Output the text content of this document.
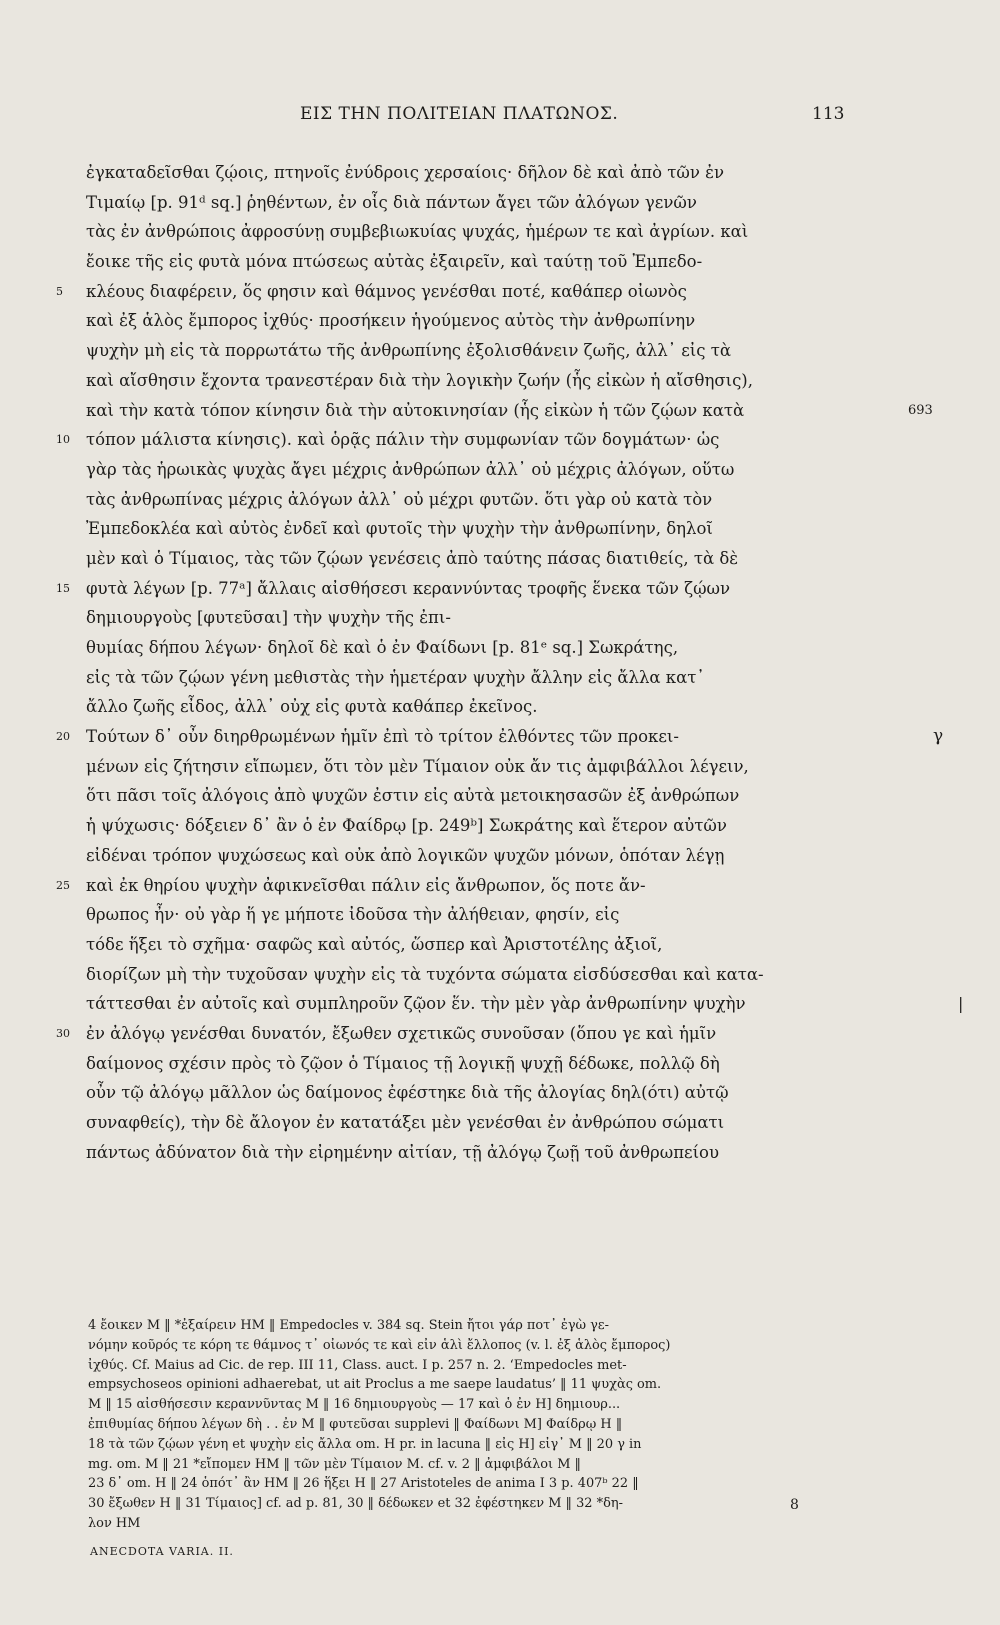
ΕΙΣ ΤΗΝ ΠΟΛΙΤΕΙΑΝ ΠΛΑΤΩΝΟΣ.	113
ἐγκαταδεῖσθαι ζῴοις, πτηνοῖς ἐνύδροις χερσαίοις· δῆλον δὲ καὶ ἀπὸ τῶν ἐν
Τιμαίῳ [p. 91ᵈ sq.] ῥηθέντων, ἐν οἷς διὰ πάντων ἄγει τῶν ἀλόγων γενῶν
τὰς ἐν ἀνθρώποις ἀφροσύνῃ συμβεβιωκυίας ψυχάς, ἡμέρων τε καὶ ἀγρίων. καὶ
ἔοικε τῆς εἰς φυτὰ μόνα πτώσεως αὐτὰς ἐξαιρεῖν, καὶ ταύτῃ τοῦ Ἐμπεδο-
5	κλέους διαφέρειν, ὅς φησιν καὶ θάμνος γενέσθαι ποτέ, καθάπερ οἰωνὸς
καὶ ἐξ ἁλὸς ἔμπορος ἰχθύς· προσήκειν ἡγούμενος αὐτὸς τὴν ἀνθρωπίνην
ψυχὴν μὴ εἰς τὰ πορρωτάτω τῆς ἀνθρωπίνης ἐξολισθάνειν ζωῆς, ἀλλ᾽ εἰς τὰ
καὶ αἴσθησιν ἔχοντα τρανεστέραν διὰ τὴν λογικὴν ζωήν (ἧς εἰκὼν ἡ αἴσθησις),
καὶ τὴν κατὰ τόπον κίνησιν διὰ τὴν αὐτοκινησίαν (ἧς εἰκὼν ἡ τῶν ζῴων κατὰ	693
10 τόπον μάλιστα κίνησις). καὶ ὁρᾷς πάλιν τὴν συμφωνίαν τῶν δογμάτων· ὡς
γὰρ τὰς ἡρωικὰς ψυχὰς ἄγει μέχρις ἀνθρώπων ἀλλ᾽ οὐ μέχρις ἀλόγων, οὕτω
τὰς ἀνθρωπίνας μέχρις ἀλόγων ἀλλ᾽ οὐ μέχρι φυτῶν. ὅτι γὰρ οὐ κατὰ τὸν
Ἐμπεδοκλέα καὶ αὐτὸς ἐνδεῖ καὶ φυτοῖς τὴν ψυχὴν τὴν ἀνθρωπίνην, δηλοῖ
μὲν καὶ ὁ Τίμαιος, τὰς τῶν ζῴων γενέσεις ἀπὸ ταύτης πάσας διατιθείς, τὰ δὲ
15 φυτὰ λέγων [p. 77ᵃ] ἄλλαις αἰσθήσεσι κεραννύντας τροφῆς ἕνεκα τῶν ζῴων
δημιουργοὺς [φυτεῦσαι] τὴν ψυχὴν τῆς ἐπι-
θυμίας δήπου λέγων· δηλοῖ δὲ καὶ ὁ ἐν Φαίδωνι [p. 81ᵉ sq.] Σωκράτης,
εἰς τὰ τῶν ζῴων γένη μεθιστὰς τὴν ἡμετέραν ψυχὴν ἄλλην εἰς ἄλλα κατ᾽
ἄλλο ζωῆς εἶδος, ἀλλ᾽ οὐχ εἰς φυτὰ καθάπερ ἐκεῖνος.
20 Τούτων δ᾽ οὖν διηρθρωμένων ἡμῖν ἐπὶ τὸ τρίτον ἐλθόντες τῶν προκει-	γ
μένων εἰς ζήτησιν εἴπωμεν, ὅτι τὸν μὲν Τίμαιον οὐκ ἄν τις ἀμφιβάλλοι λέγειν,
ὅτι πᾶσι τοῖς ἀλόγοις ἀπὸ ψυχῶν ἐστιν εἰς αὐτὰ μετοικησασῶν ἐξ ἀνθρώπων
ἡ ψύχωσις· δόξειεν δ᾽ ἂν ὁ ἐν Φαίδρῳ [p. 249ᵇ] Σωκράτης καὶ ἕτερον αὐτῶν
εἰδέναι τρόπον ψυχώσεως καὶ οὐκ ἀπὸ λογικῶν ψυχῶν μόνων, ὁπόταν λέγῃ
25 καὶ ἐκ θηρίου ψυχὴν ἀφικνεῖσθαι πάλιν εἰς ἄνθρωπον, ὅς ποτε ἄν-
θρωπος ἦν· οὐ γὰρ ἥ γε μήποτε ἰδοῦσα τὴν ἀλήθειαν, φησίν, εἰς
τόδε ἥξει τὸ σχῆμα· σαφῶς καὶ αὐτός, ὥσπερ καὶ Ἀριστοτέλης ἀξιοῖ,
διορίζων μὴ τὴν τυχοῦσαν ψυχὴν εἰς τὰ τυχόντα σώματα εἰσδύσεσθαι καὶ κατα-
τάττεσθαι ἐν αὐτοῖς καὶ συμπληροῦν ζῷον ἕν. τὴν μὲν γὰρ ἀνθρωπίνην ψυχὴν	|
30 ἐν ἀλόγῳ γενέσθαι δυνατόν, ἔξωθεν σχετικῶς συνοῦσαν (ὅπου γε καὶ ἡμῖν
δαίμονος σχέσιν πρὸς τὸ ζῷον ὁ Τίμαιος τῇ λογικῇ ψυχῇ δέδωκε, πολλῷ δὴ
οὖν τῷ ἀλόγῳ μᾶλλον ὡς δαίμονος ἐφέστηκε διὰ τῆς ἀλογίας δηλ(ότι) αὐτῷ
συναφθείς), τὴν δὲ ἄλογον ἐν κατατάξει μὲν γενέσθαι ἐν ἀνθρώπου σώματι
πάντως ἀδύνατον διὰ τὴν εἰρημένην αἰτίαν, τῇ ἀλόγῳ ζωῇ τοῦ ἀνθρωπείου
4 ἔοικεν M ‖ *ἐξαίρειν HM ‖ Empedocles v. 384 sq. Stein ἤτοι γάρ ποτ᾽ ἐγὼ γε-
νόμην κοῦρός τε κόρη τε θάμνος τ᾽ οἰωνός τε καὶ εἰν ἁλὶ ἔλλοπος (v. l. ἐξ ἁλὸς ἔμπορος)
ἰχθύς. Cf. Maius ad Cic. de rep. III 11, Class. auct. I p. 257 n. 2. ‘Empedocles met-
empsychoseos opinioni adhaerebat, ut ait Proclus a me saepe laudatus’ ‖ 11 ψυχὰς om.
M ‖ 15 αἰσθήσεσιν κεραννῦντας M ‖ 16 δημιουργοὺς — 17 καὶ ὁ ἐν H] δημιουρ...
ἐπιθυμίας δήπου λέγων δὴ . . ἐν M ‖ φυτεῦσαι supplevi ‖ Φαίδωνι M] Φαίδρῳ H ‖
18 τὰ τῶν ζῴων γένη et ψυχὴν εἰς ἄλλα om. H pr. in lacuna ‖ εἰς H] εἰγ᾽ M ‖ 20 γ in
mg. om. M ‖ 21 *εἴπομεν HM ‖ τῶν μὲν Τίμαιον M. cf. v. 2 ‖ ἀμφιβάλοι M ‖
23 δ᾽ om. H ‖ 24 ὁπότ᾽ ἂν HM ‖ 26 ἥξει H ‖ 27 Aristoteles de anima I 3 p. 407ᵇ 22 ‖
30 ἔξωθεν H ‖ 31 Τίμαιος] cf. ad p. 81, 30 ‖ δέδωκεν et 32 ἐφέστηκεν M ‖ 32 *δη-
λον HM
8
ANECDOTA VARIA. II.
